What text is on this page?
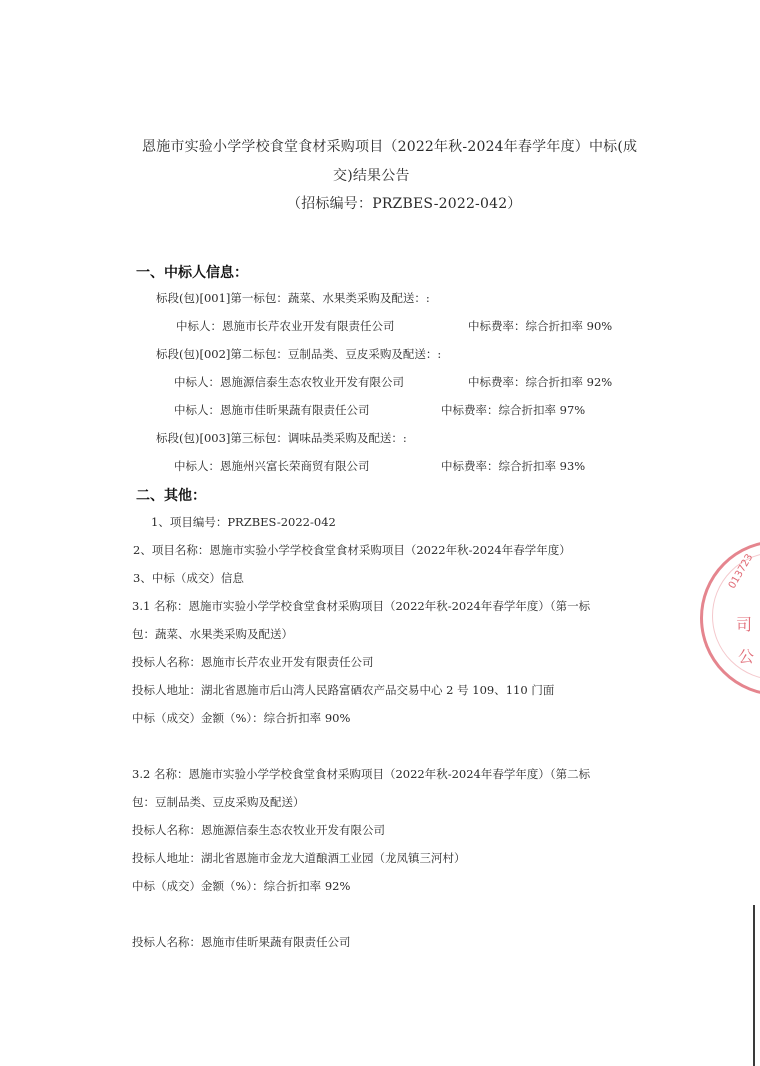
恩施市实验小学学校食堂食材采购项目（2022年秋-2024年春学年度）中标(成
交)结果公告
（招标编号：PRZBES-2022-042）
一、中标人信息：
标段(包)[001]第一标包：蔬菜、水果类采购及配送：:
中标人：恩施市长芹农业开发有限责任公司	中标费率：综合折扣率 90%
标段(包)[002]第二标包：豆制品类、豆皮采购及配送：:
中标人：恩施源信泰生态农牧业开发有限公司	中标费率：综合折扣率 92%
中标人：恩施市佳昕果蔬有限责任公司	中标费率：综合折扣率 97%
标段(包)[003]第三标包：调味品类采购及配送：:
中标人：恩施州兴富长荣商贸有限公司	中标费率：综合折扣率 93%
二、其他：
1、项目编号：PRZBES-2022-042
2、项目名称：恩施市实验小学学校食堂食材采购项目（2022年秋-2024年春学年度）
3、中标（成交）信息
3.1 名称：恩施市实验小学学校食堂食材采购项目（2022年秋-2024年春学年度）（第一标
包：蔬菜、水果类采购及配送）
投标人名称：恩施市长芹农业开发有限责任公司
投标人地址：湖北省恩施市后山湾人民路富硒农产品交易中心 2 号 109、110 门面
中标（成交）金额（%）：综合折扣率 90%
3.2 名称：恩施市实验小学学校食堂食材采购项目（2022年秋-2024年春学年度）（第二标
包：豆制品类、豆皮采购及配送）
投标人名称：恩施源信泰生态农牧业开发有限公司
投标人地址：湖北省恩施市金龙大道酿酒工业园（龙凤镇三河村）
中标（成交）金额（%）：综合折扣率 92%
投标人名称：恩施市佳昕果蔬有限责任公司
013723
司
公
